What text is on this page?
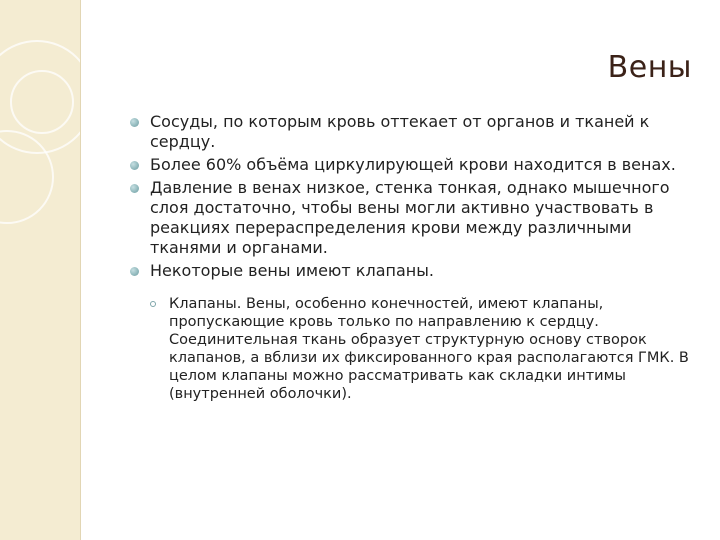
Вены
Сосуды, по которым кровь оттекает от органов и тканей к сердцу.
Более 60% объёма циркулирующей крови находится в венах.
Давление в венах низкое, стенка тонкая, однако мышечного слоя достаточно, чтобы вены могли активно участвовать в реакциях перераспределения крови между различными тканями и органами.
Некоторые вены имеют клапаны.
Клапаны. Вены, особенно конечностей, имеют клапаны, пропускающие кровь только по направлению к сердцу. Соединительная ткань образует структурную основу створок клапанов, а вблизи их фиксированного края располагаются ГМК. В целом клапаны можно рассматривать как складки интимы (внутренней оболочки).
